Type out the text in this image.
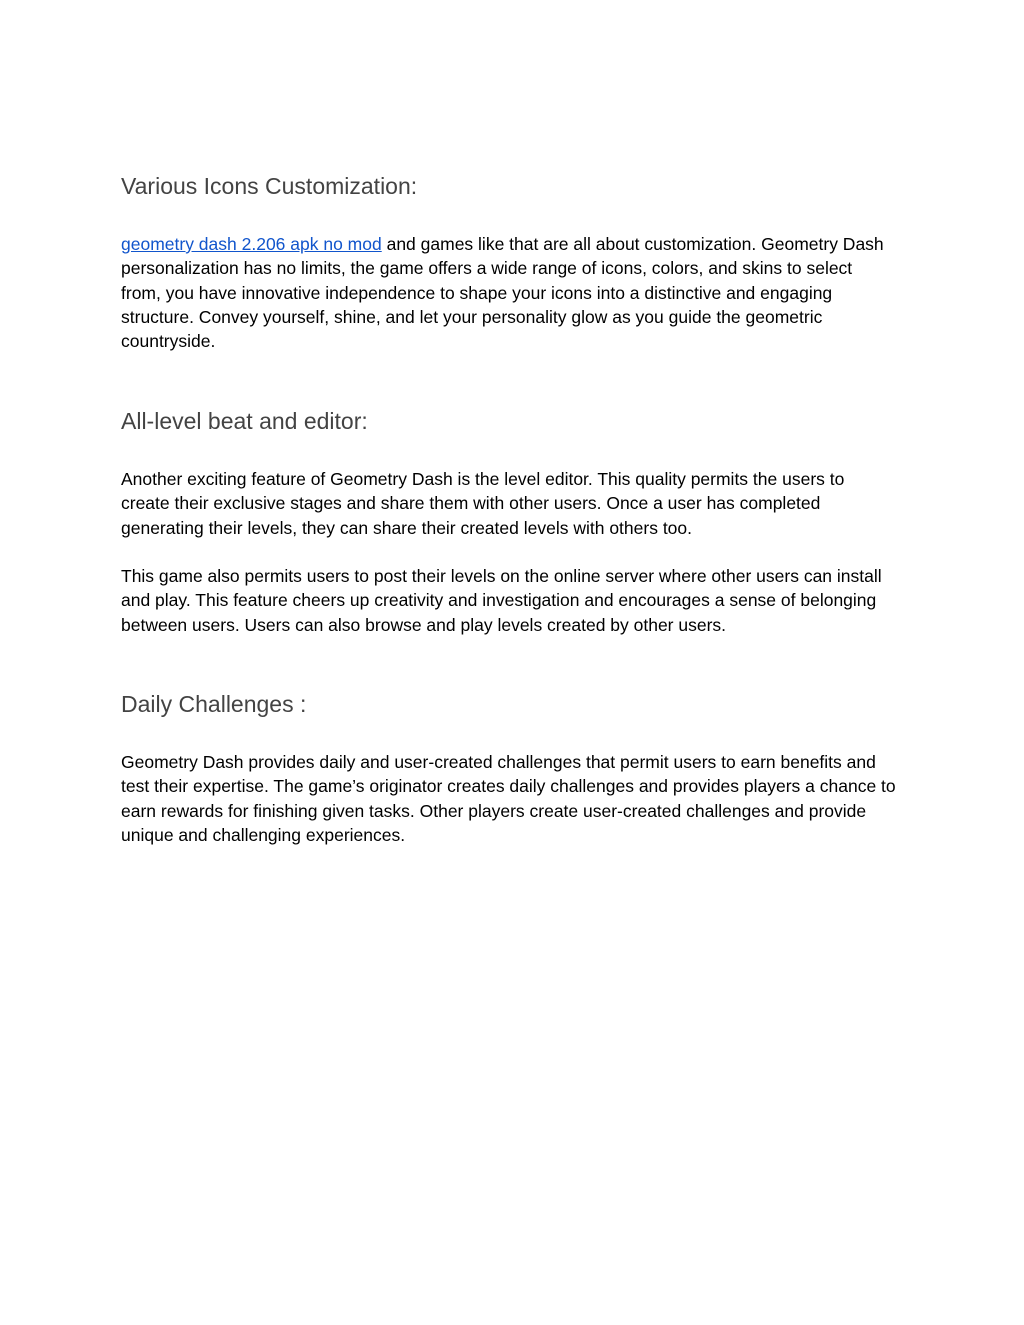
Various Icons Customization:

geometry dash 2.206 apk no mod and games like that are all about customization. Geometry Dash personalization has no limits, the game offers a wide range of icons, colors, and skins to select from, you have innovative independence to shape your icons into a distinctive and engaging structure. Convey yourself, shine, and let your personality glow as you guide the geometric countryside.

All-level beat and editor:

Another exciting feature of Geometry Dash is the level editor. This quality permits the users to create their exclusive stages and share them with other users. Once a user has completed generating their levels, they can share their created levels with others too.

This game also permits users to post their levels on the online server where other users can install and play. This feature cheers up creativity and investigation and encourages a sense of belonging between users. Users can also browse and play levels created by other users.

Daily Challenges :

Geometry Dash provides daily and user-created challenges that permit users to earn benefits and test their expertise. The game’s originator creates daily challenges and provides players a chance to earn rewards for finishing given tasks. Other players create user-created challenges and provide unique and challenging experiences.
